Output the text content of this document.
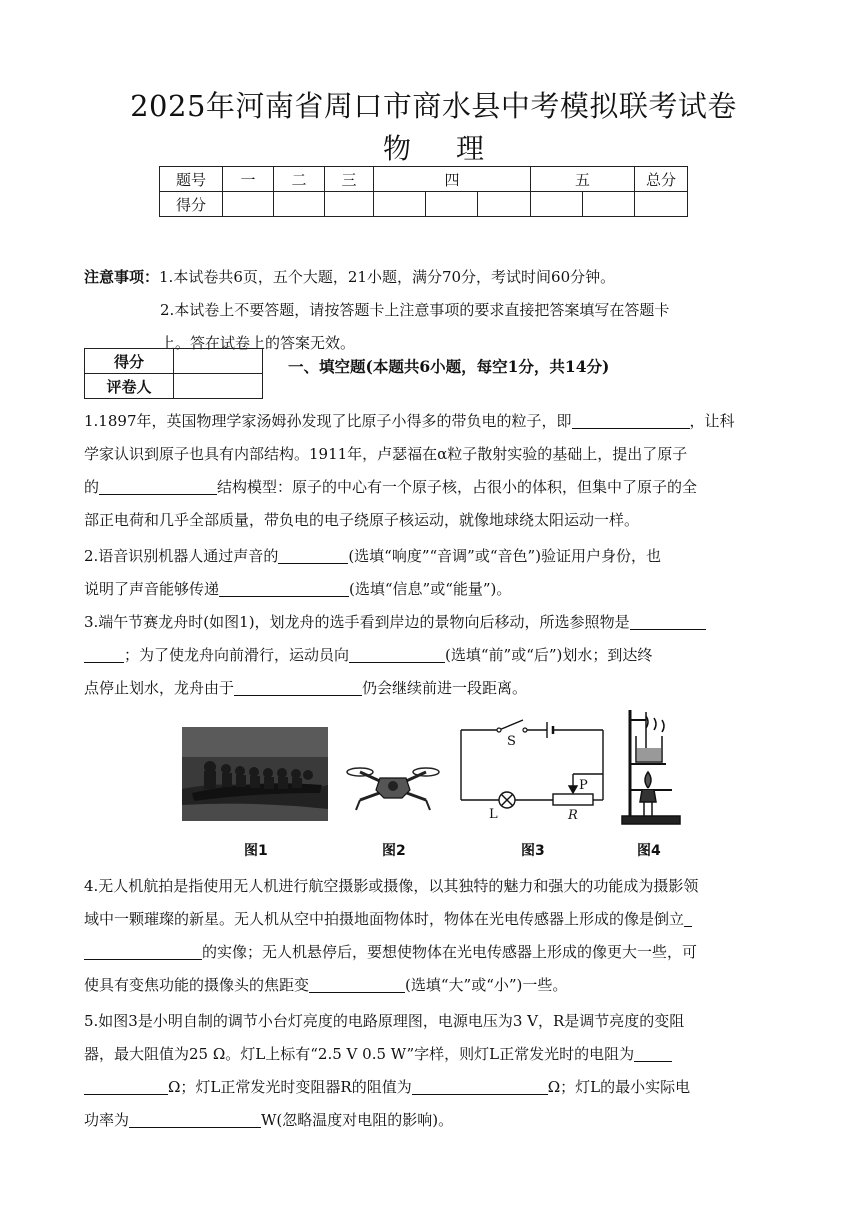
2025年河南省周口市商水县中考模拟联考试卷
物 理
题号	一	二	三	四			五		总分
得分									
注意事项：1.本试卷共6页，五个大题，21小题，满分70分，考试时间60分钟。
2.本试卷上不要答题，请按答题卡上注意事项的要求直接把答案填写在答题卡
上。答在试卷上的答案无效。
得分	
评卷人	
一、填空题(本题共6小题，每空1分，共14分)
1.1897年，英国物理学家汤姆孙发现了比原子小得多的带负电的粒子，即	，让科
学家认识到原子也具有内部结构。1911年，卢瑟福在α粒子散射实验的基础上，提出了原子
的	结构模型：原子的中心有一个原子核，占很小的体积，但集中了原子的全
部正电荷和几乎全部质量，带负电的电子绕原子核运动，就像地球绕太阳运动一样。
2.语音识别机器人通过声音的	(选填“响度”“音调”或“音色”)验证用户身份，也
说明了声音能够传递	(选填“信息”或“能量”)。
3.端午节赛龙舟时(如图1)，划龙舟的选手看到岸边的景物向后移动，所选参照物是
；为了使龙舟向前滑行，运动员向	(选填“前”或“后”)划水；到达终
点停止划水，龙舟由于	仍会继续前进一段距离。
S
P
L	R
图1	图2	图3	图4
4.无人机航拍是指使用无人机进行航空摄影或摄像，以其独特的魅力和强大的功能成为摄影领
域中一颗璀璨的新星。无人机从空中拍摄地面物体时，物体在光电传感器上形成的像是倒立
的实像；无人机悬停后，要想使物体在光电传感器上形成的像更大一些，可
使具有变焦功能的摄像头的焦距变	(选填“大”或“小”)一些。
5.如图3是小明自制的调节小台灯亮度的电路原理图，电源电压为3 V，R是调节亮度的变阻
器，最大阻值为25 Ω。灯L上标有“2.5 V 0.5 W”字样，则灯L正常发光时的电阻为
Ω；灯L正常发光时变阻器R的阻值为	Ω；灯L的最小实际电
功率为	W(忽略温度对电阻的影响)。
